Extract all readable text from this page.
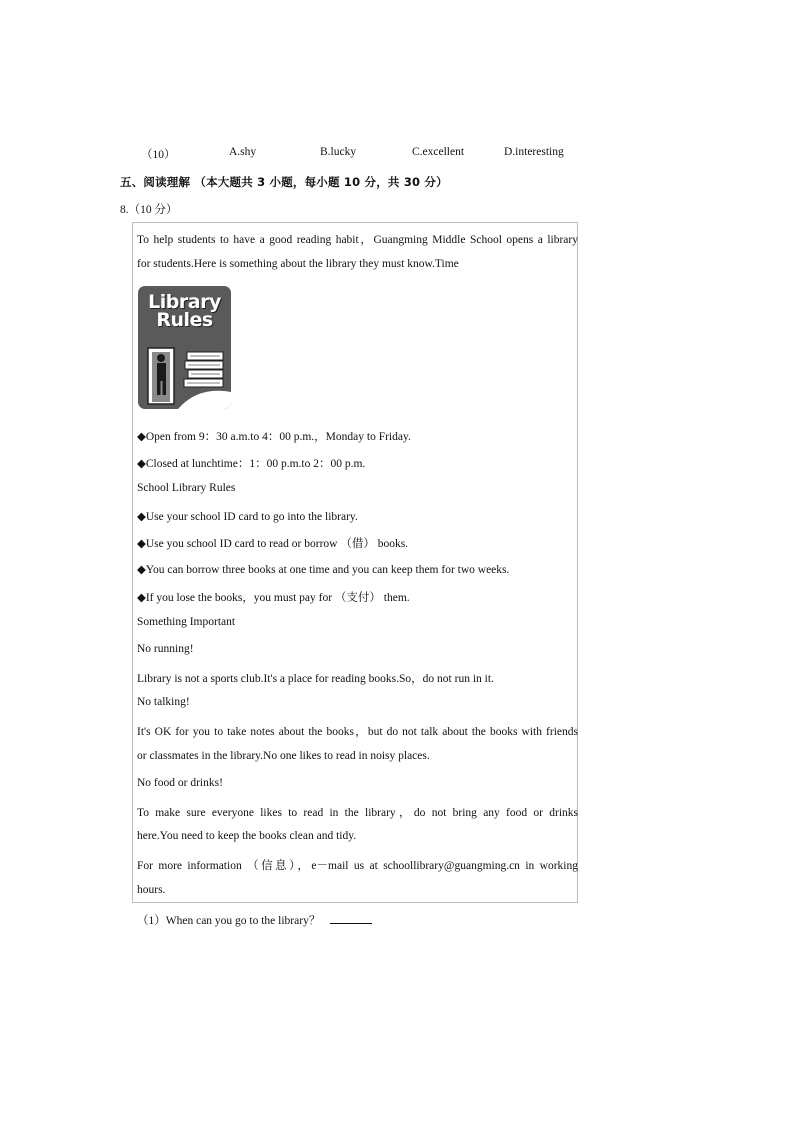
（10）	A.shy	B.lucky	C.excellent	D.interesting
五、阅读理解 （本大题共 3 小题，每小题 10 分，共 30 分）
8.（10 分）
To help students to have a good reading habit，Guangming Middle School opens a library
for students.Here is something about the library they must know.Time
Library
Rules
◆Open from 9：30 a.m.to 4：00 p.m.，Monday to Friday.
◆Closed at lunchtime：1：00 p.m.to 2：00 p.m.
School Library Rules
◆Use your school ID card to go into the library.
◆Use you school ID card to read or borrow （借） books.
◆You can borrow three books at one time and you can keep them for two weeks.
◆If you lose the books，you must pay for （支付） them.
Something Important
No running!
Library is not a sports club.It's a place for reading books.So，do not run in it.
No talking!
It's OK for you to take notes about the books，but do not talk about the books with friends
or classmates in the library.No one likes to read in noisy places.
No food or drinks!
To make sure everyone likes to read in the library，do not bring any food or drinks
here.You need to keep the books clean and tidy.
For more information （信息），e－mail us at schoollibrary@guangming.cn in working
hours.
（1）When can you go to the library？
